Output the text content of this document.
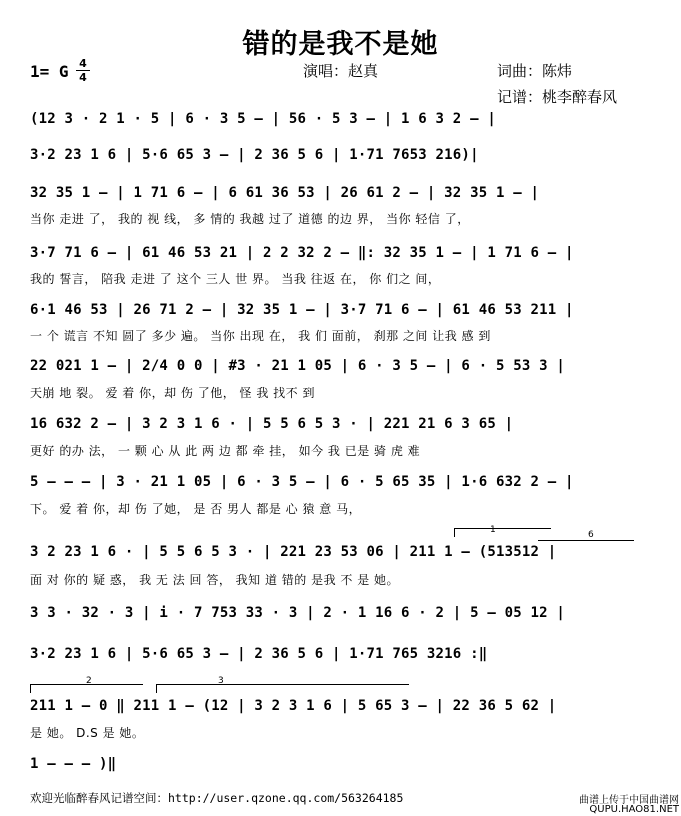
错的是我不是她
1= G 4
4	演唱：赵真	词曲：陈炜
记谱：桃李醉春风
(12 3 · 2 1 · 5 | 6 · 3 5 – | 56 · 5 3 – | 1 6 3 2 – |
3·2 23 1 6 | 5·6 65 3 – | 2 36 5 6 | 1·71 7653 216)|
32 35 1 – | 1 71 6 – | 6 61 36 53 | 26 61 2 – | 32 35 1 – |
当你 走进 了， 我的 视 线， 多 情的 我越 过了 道德 的边 界， 当你 轻信 了，
3·7 71 6 – | 61 46 53 21 | 2 2 32 2 – ‖: 32 35 1 – | 1 71 6 – |
我的 誓言， 陪我 走进 了 这个 三人 世 界。 当我 往返 在， 你 们之 间，
6·1 46 53 | 26 71 2 – | 32 35 1 – | 3·7 71 6 – | 61 46 53 211 |
一 个 谎言 不知 圆了 多少 遍。 当你 出现 在， 我 们 面前， 刹那 之间 让我 感 到
22 021 1 – | 2/4 0 0 | #3 · 21 1 05 | 6 · 3 5 – | 6 · 5 53 3 |
天崩 地 裂。 爱 着 你，却 伤 了他， 怪 我 找不 到
16 632 2 – | 3 2 3 1 6 · | 5 5 6 5 3 · | 221 21 6 3 65 |
更好 的办 法， 一 颗 心 从 此 两 边 都 牵 挂， 如今 我 已是 骑 虎 难
5 – – – | 3 · 21 1 05 | 6 · 3 5 – | 6 · 5 65 35 | 1·6 632 2 – |
下。 爱 着 你，却 伤 了她， 是 否 男人 都是 心 猿 意 马，
1	6
3 2 23 1 6 · | 5 5 6 5 3 · | 221 23 53 06 | 211 1 – (513512 |
面 对 你的 疑 惑， 我 无 法 回 答， 我知 道 错的 是我 不 是 她。
3 3 · 32 · 3 | i · 7 753 33 · 3 | 2 · 1 16 6 · 2 | 5 – 05 12 |
3·2 23 1 6 | 5·6 65 3 – | 2 36 5 6 | 1·71 765 3216 :‖
2	3
211 1 – 0 ‖ 211 1 – (12 | 3 2 3 1 6 | 5 65 3 – | 22 36 5 62 |
是 她。 D.S 是 她。
1 – – – )‖
欢迎光临醉春风记谱空间：http://user.qzone.qq.com/563264185	曲谱上传于中国曲谱网
QUPU.HAO81.NET
